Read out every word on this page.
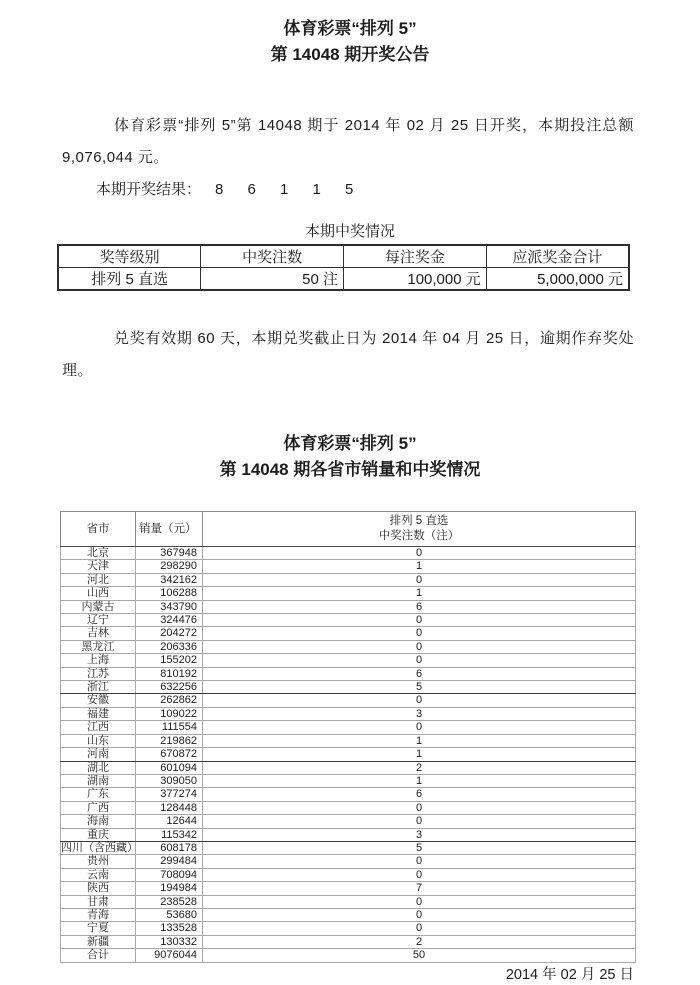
体育彩票“排列 5”
第 14048 期开奖公告

体育彩票“排列 5”第 14048 期于 2014 年 02 月 25 日开奖，本期投注总额 9,076,044 元。

本期开奖结果： 8 6 1 1 5

本期中奖情况
奖等级别	中奖注数	每注奖金	应派奖金合计
排列 5 直选	50 注	100,000 元	5,000,000 元

兑奖有效期 60 天，本期兑奖截止日为 2014 年 04 月 25 日，逾期作弃奖处理。

体育彩票“排列 5”
第 14048 期各省市销量和中奖情况
省市	销量（元）	排列 5 直选
中奖注数（注）

北京	367948	0
天津	298290	1
河北	342162	0
山西	106288	1
内蒙古	343790	6
辽宁	324476	0
吉林	204272	0
黑龙江	206336	0
上海	155202	0
江苏	810192	6
浙江	632256	5
安徽	262862	0
福建	109022	3
江西	111554	0
山东	219862	1
河南	670872	1
湖北	601094	2
湖南	309050	1
广东	377274	6
广西	128448	0
海南	12644	0
重庆	115342	3
四川（含西藏）	608178	5
贵州	299484	0
云南	708094	0
陕西	194984	7
甘肃	238528	0
青海	53680	0
宁夏	133528	0
新疆	130332	2
合计	9076044	50
2014 年 02 月 25 日
